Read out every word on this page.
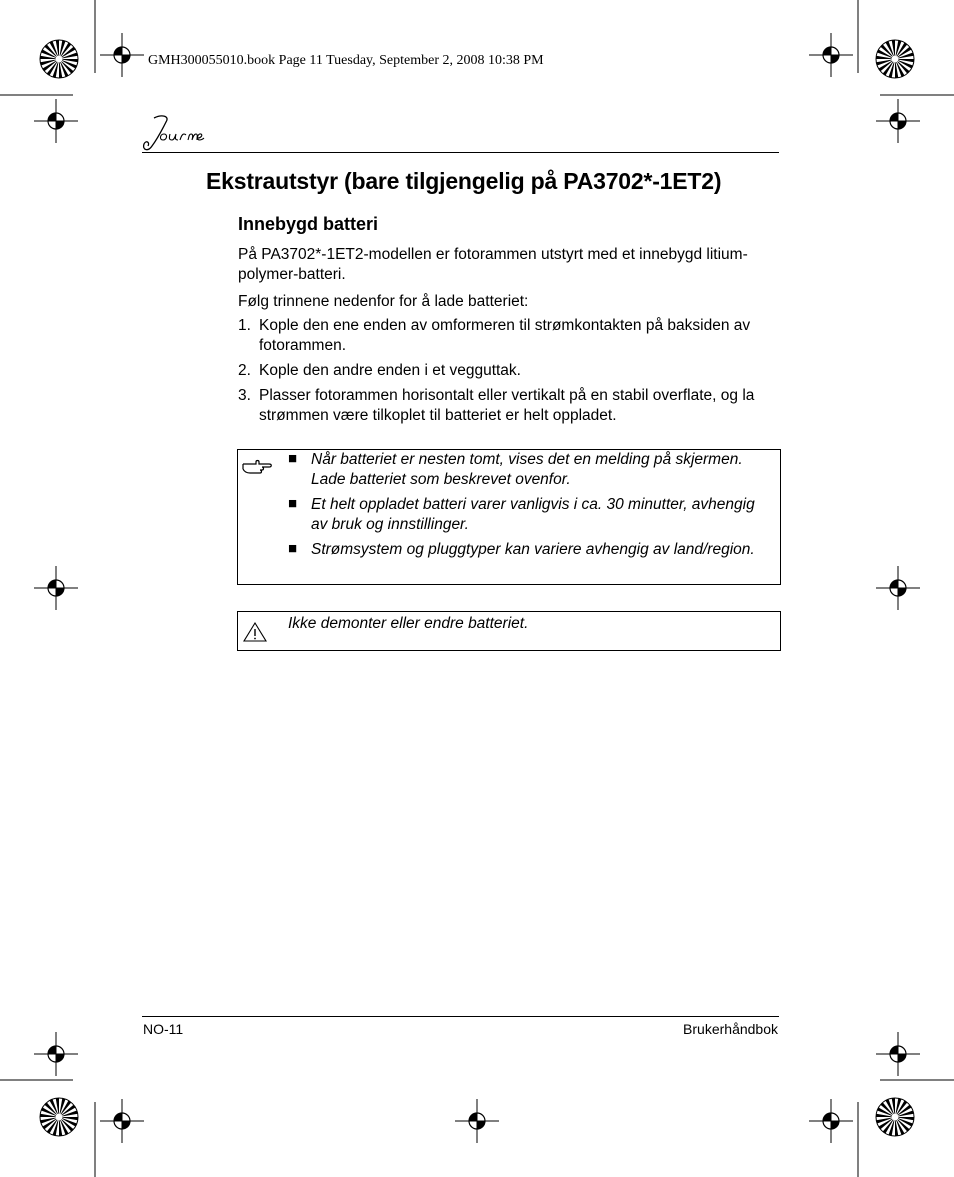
GMH300055010.book Page 11 Tuesday, September 2, 2008 10:38 PM
Ekstrautstyr (bare tilgjengelig på PA3702*-1ET2)
Innebygd batteri
På PA3702*-1ET2-modellen er fotorammen utstyrt med et innebygd litium-polymer-batteri.
Følg trinnene nedenfor for å lade batteriet:
1. Kople den ene enden av omformeren til strømkontakten på baksiden av fotorammen.
2. Kople den andre enden i et vegguttak.
3. Plasser fotorammen horisontalt eller vertikalt på en stabil overflate, og la strømmen være tilkoplet til batteriet er helt oppladet.
■ Når batteriet er nesten tomt, vises det en melding på skjermen. Lade batteriet som beskrevet ovenfor.
■ Et helt oppladet batteri varer vanligvis i ca. 30 minutter, avhengig av bruk og innstillinger.
■ Strømsystem og pluggtyper kan variere avhengig av land/region.
Ikke demonter eller endre batteriet.
NO-11	Brukerhåndbok
